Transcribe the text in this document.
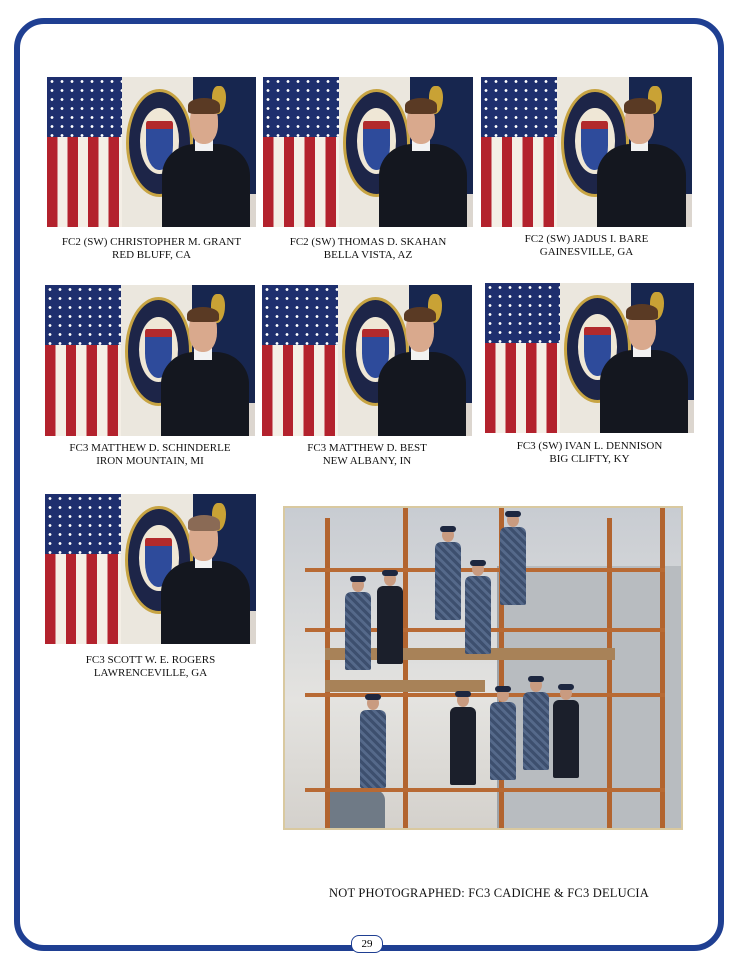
FC2 (SW) CHRISTOPHER M. GRANT
RED BLUFF, CA
FC2 (SW) THOMAS D. SKAHAN
BELLA VISTA, AZ
FC2 (SW) JADUS I. BARE
GAINESVILLE, GA
FC3 MATTHEW D. SCHINDERLE
IRON MOUNTAIN, MI
FC3 MATTHEW D. BEST
NEW ALBANY, IN
FC3 (SW) IVAN L. DENNISON
BIG CLIFTY, KY
FC3 SCOTT W. E. ROGERS
LAWRENCEVILLE, GA
NOT PHOTOGRAPHED: FC3 CADICHE & FC3 DELUCIA
29
